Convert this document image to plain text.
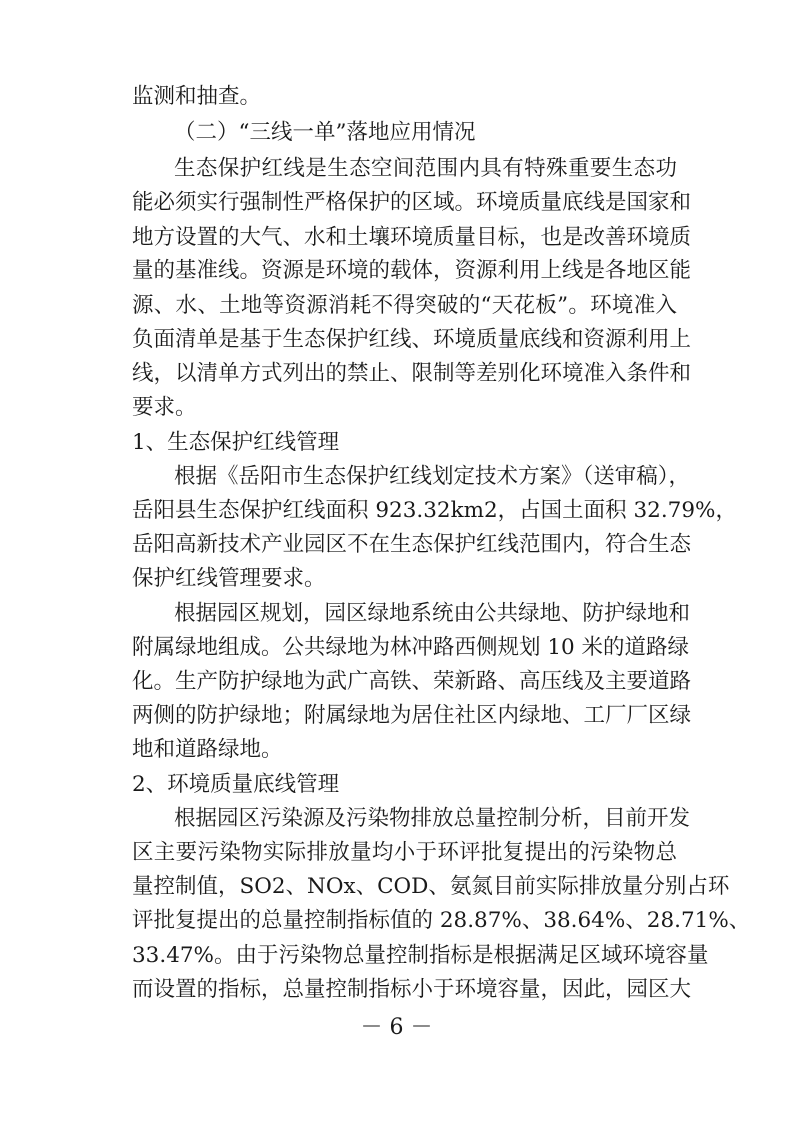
监测和抽查。

（二）“三线一单”落地应用情况

生态保护红线是生态空间范围内具有特殊重要生态功

能必须实行强制性严格保护的区域。环境质量底线是国家和

地方设置的大气、水和土壤环境质量目标，也是改善环境质

量的基准线。资源是环境的载体，资源利用上线是各地区能

源、水、土地等资源消耗不得突破的“天花板”。环境准入

负面清单是基于生态保护红线、环境质量底线和资源利用上

线，以清单方式列出的禁止、限制等差别化环境准入条件和

要求。

1、生态保护红线管理

根据《岳阳市生态保护红线划定技术方案》（送审稿），

岳阳县生态保护红线面积 923.32km2，占国土面积 32.79%，

岳阳高新技术产业园区不在生态保护红线范围内，符合生态

保护红线管理要求。

根据园区规划，园区绿地系统由公共绿地、防护绿地和

附属绿地组成。公共绿地为林冲路西侧规划 10 米的道路绿

化。生产防护绿地为武广高铁、荣新路、高压线及主要道路

两侧的防护绿地；附属绿地为居住社区内绿地、工厂厂区绿

地和道路绿地。

2、环境质量底线管理

根据园区污染源及污染物排放总量控制分析，目前开发

区主要污染物实际排放量均小于环评批复提出的污染物总

量控制值，SO2、NOx、COD、氨氮目前实际排放量分别占环

评批复提出的总量控制指标值的 28.87%、38.64%、28.71%、

33.47%。由于污染物总量控制指标是根据满足区域环境容量

而设置的指标，总量控制指标小于环境容量，因此，园区大

－ 6 －
